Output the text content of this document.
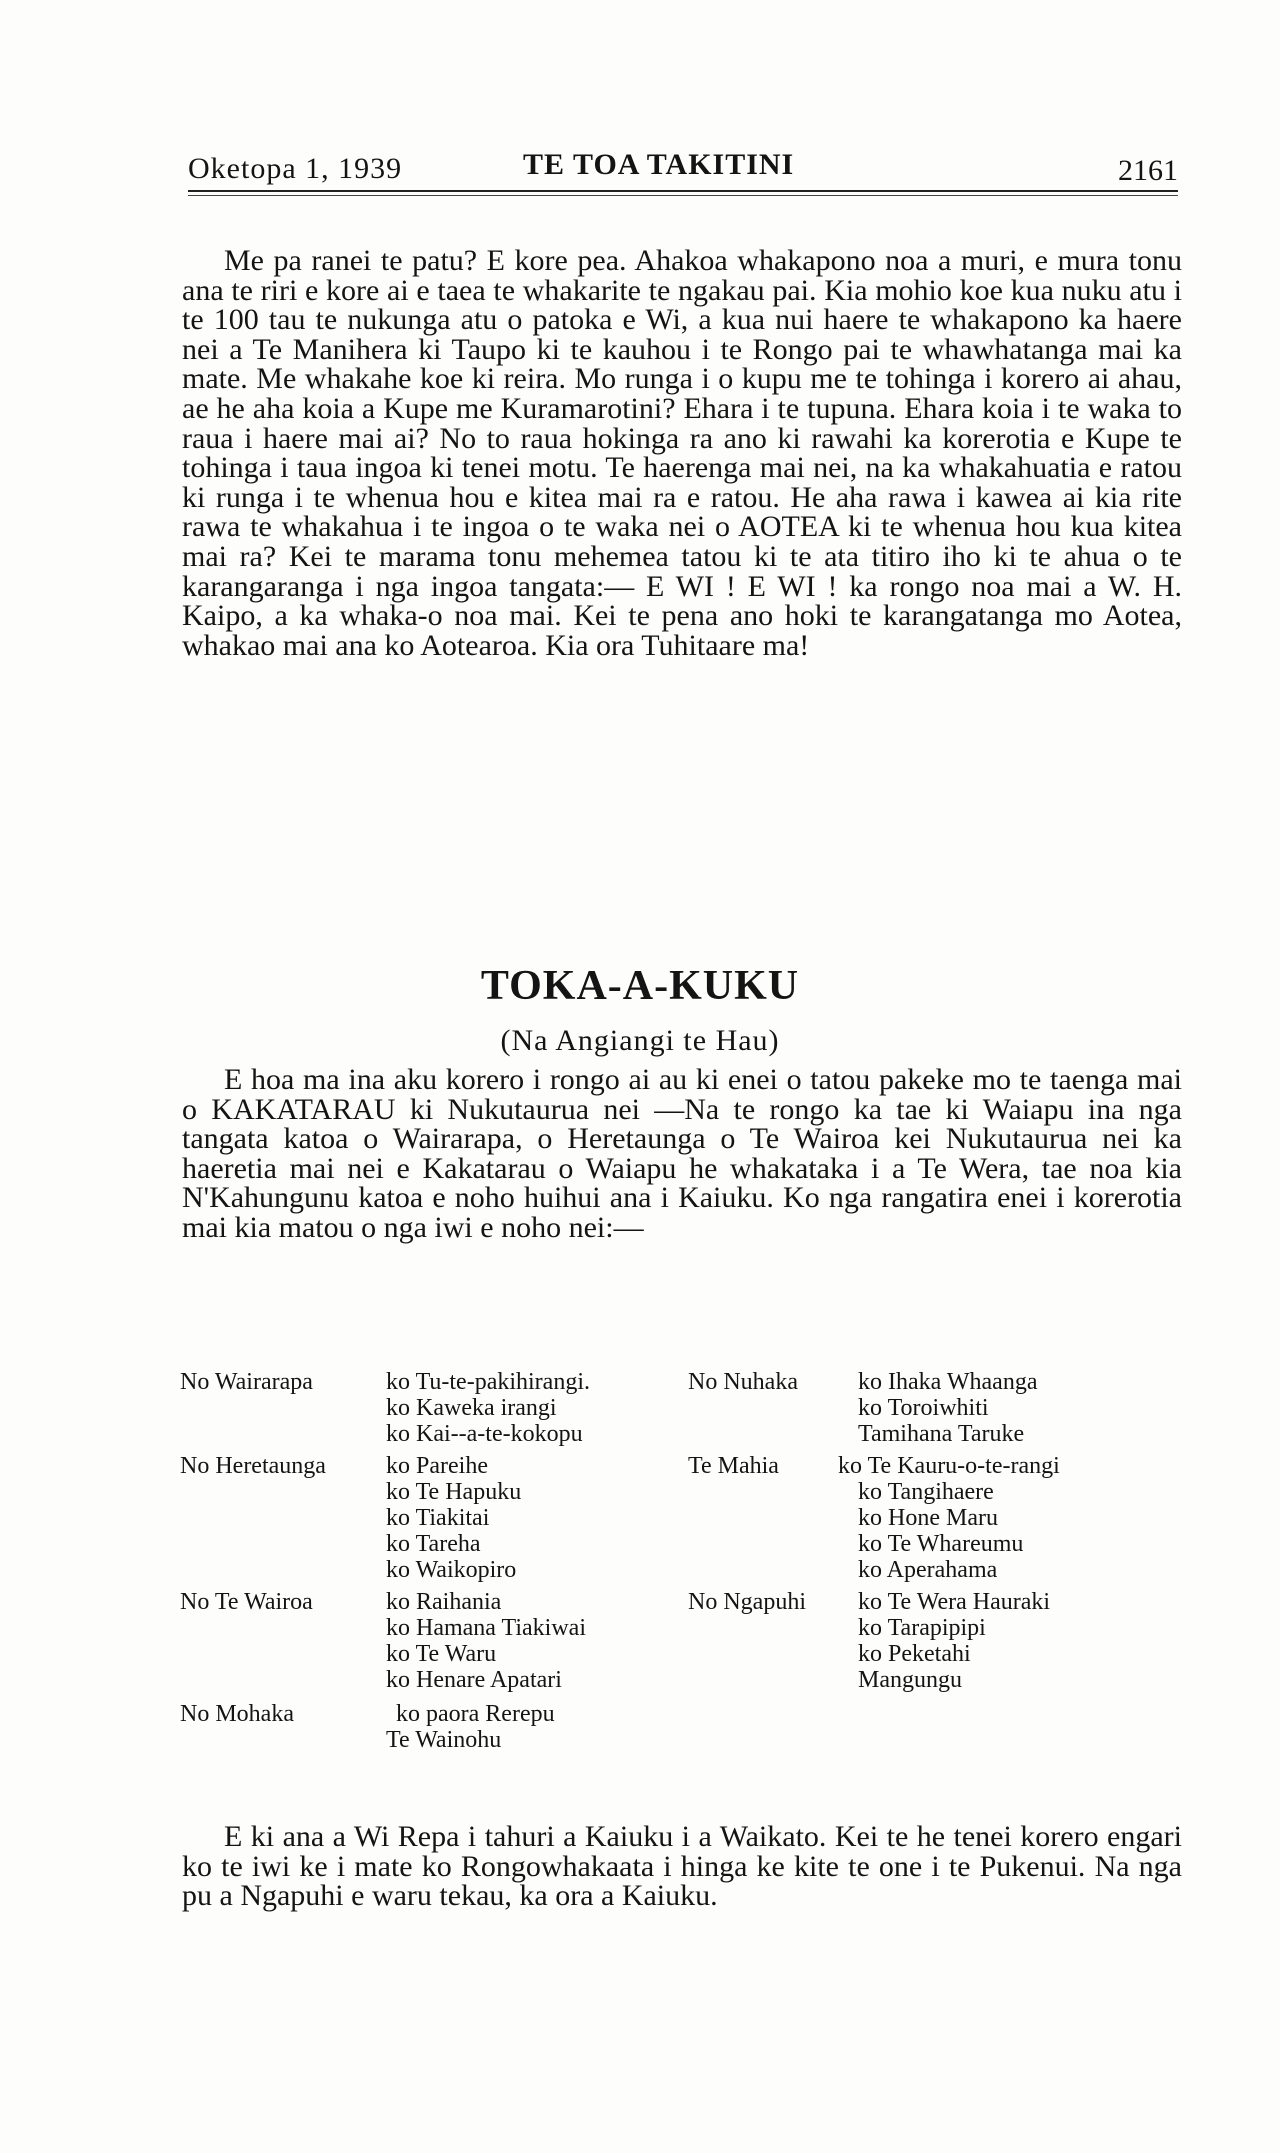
Oketopa 1, 1939	TE TOA TAKITINI	2161
Me pa ranei te patu? E kore pea. Ahakoa whakapono noa a muri, e mura tonu ana te riri e kore ai e taea te whakarite te ngakau pai. Kia mohio koe kua nuku atu i te 100 tau te nukunga atu o patoka e Wi, a kua nui haere te whakapono ka haere nei a Te Manihera ki Taupo ki te kauhou i te Rongo pai te whawhatanga mai ka mate. Me whakahe koe ki reira. Mo runga i o kupu me te tohinga i korero ai ahau, ae he aha koia a Kupe me Kuramarotini? Ehara i te tupuna. Ehara koia i te waka to raua i haere mai ai? No to raua hokinga ra ano ki rawahi ka korerotia e Kupe te tohinga i taua ingoa ki tenei motu. Te haerenga mai nei, na ka whakahuatia e ratou ki runga i te whenua hou e kitea mai ra e ratou. He aha rawa i kawea ai kia rite rawa te whakahua i te ingoa o te waka nei o AOTEA ki te whenua hou kua kitea mai ra? Kei te marama tonu mehemea tatou ki te ata titiro iho ki te ahua o te karangaranga i nga ingoa tangata:— E WI ! E WI ! ka rongo noa mai a W. H. Kaipo, a ka whaka-o noa mai. Kei te pena ano hoki te karangatanga mo Aotea, whakao mai ana ko Aotearoa. Kia ora Tuhitaare ma!
TOKA-A-KUKU
(Na Angiangi te Hau)
E hoa ma ina aku korero i rongo ai au ki enei o tatou pakeke mo te taenga mai o KAKATARAU ki Nukutaurua nei —Na te rongo ka tae ki Waiapu ina nga tangata katoa o Wairarapa, o Heretaunga o Te Wairoa kei Nukutaurua nei ka haeretia mai nei e Kakatarau o Waiapu he whakataka i a Te Wera, tae noa kia N'Kahungunu katoa e noho huihui ana i Kaiuku. Ko nga rangatira enei i korerotia mai kia matou o nga iwi e noho nei:—
No Wairarapa	ko Tu-te-pakihirangi.
ko Kaweka irangi
ko Kai--a-te-kokopu
No Heretaunga	ko Pareihe
ko Te Hapuku
ko Tiakitai
ko Tareha
ko Waikopiro
No Te Wairoa	ko Raihania
ko Hamana Tiakiwai
ko Te Waru
ko Henare Apatari
No Mohaka	ko paora Rerepu
Te Wainohu
No Nuhaka	ko Ihaka Whaanga
ko Toroiwhiti
Tamihana Taruke
Te Mahia ko Te Kauru-o-te-rangi
ko Tangihaere
ko Hone Maru
ko Te Whareumu
ko Aperahama
No Ngapuhi ko Te Wera Hauraki
ko Tarapipipi
ko Peketahi
Mangungu
E ki ana a Wi Repa i tahuri a Kaiuku i a Waikato. Kei te he tenei korero engari ko te iwi ke i mate ko Rongowhakaata i hinga ke kite te one i te Pukenui. Na nga pu a Ngapuhi e waru tekau, ka ora a Kaiuku.
